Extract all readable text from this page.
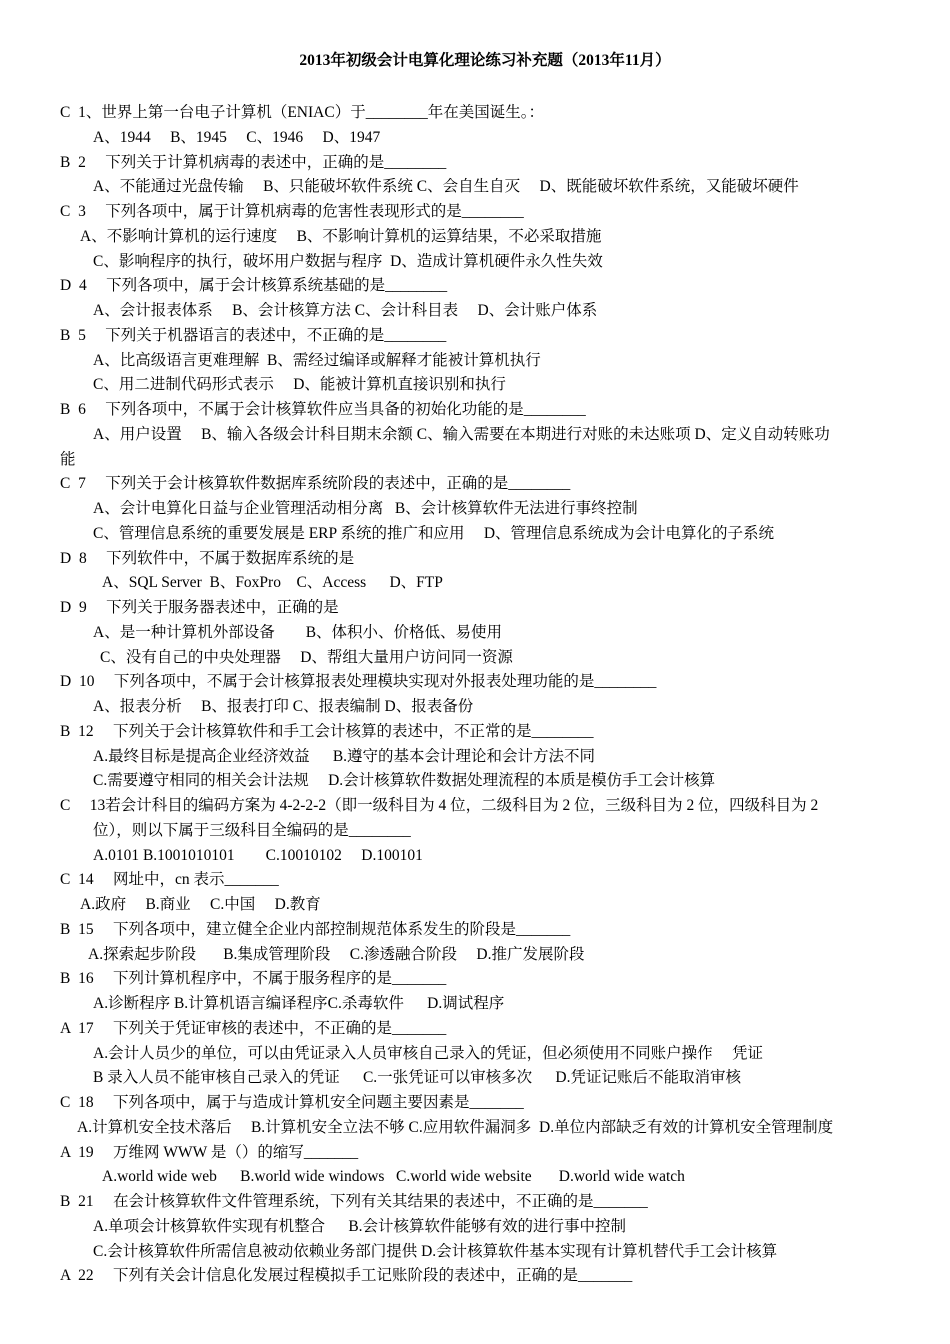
2013年初级会计电算化理论练习补充题（2013年11月）
C  1、世界上第一台电子计算机（ENIAC）于________年在美国诞生。：
A、1944     B、1945     C、1946     D、1947
B  2     下列关于计算机病毒的表述中，正确的是________
A、不能通过光盘传输     B、只能破坏软件系统 C、会自生自灭     D、既能破坏软件系统，又能破坏硬件
C  3     下列各项中，属于计算机病毒的危害性表现形式的是________
A、不影响计算机的运行速度     B、不影响计算机的运算结果，不必采取措施
C、影响程序的执行，破坏用户数据与程序  D、造成计算机硬件永久性失效
D  4     下列各项中，属于会计核算系统基础的是________
A、会计报表体系     B、会计核算方法 C、会计科目表     D、会计账户体系
B  5     下列关于机器语言的表述中，不正确的是________
A、比高级语言更难理解  B、需经过编译或解释才能被计算机执行
C、用二进制代码形式表示     D、能被计算机直接识别和执行
B  6     下列各项中，不属于会计核算软件应当具备的初始化功能的是________
A、用户设置     B、输入各级会计科目期末余额 C、输入需要在本期进行对账的未达账项 D、定义自动转账功
能
C  7     下列关于会计核算软件数据库系统阶段的表述中，正确的是________
A、会计电算化日益与企业管理活动相分离   B、会计核算软件无法进行事终控制
C、管理信息系统的重要发展是 ERP 系统的推广和应用     D、管理信息系统成为会计电算化的子系统
D  8     下列软件中，不属于数据库系统的是
A、SQL Server  B、FoxPro    C、Access      D、FTP
D  9     下列关于服务器表述中，正确的是
A、是一种计算机外部设备        B、体积小、价格低、易使用
C、没有自己的中央处理器     D、帮组大量用户访问同一资源
D  10     下列各项中，不属于会计核算报表处理模块实现对外报表处理功能的是________
A、报表分析     B、报表打印 C、报表编制 D、报表备份
B  12     下列关于会计核算软件和手工会计核算的表述中，不正常的是________
A.最终目标是提高企业经济效益      B.遵守的基本会计理论和会计方法不同
C.需要遵守相同的相关会计法规     D.会计核算软件数据处理流程的本质是模仿手工会计核算
C     13若会计科目的编码方案为 4-2-2-2（即一级科目为 4 位，二级科目为 2 位，三级科目为 2 位，四级科目为 2
位），则以下属于三级科目全编码的是________
A.0101 B.1001010101        C.10010102     D.100101
C  14     网址中，cn 表示_______
A.政府     B.商业     C.中国     D.教育
B  15     下列各项中，建立健全企业内部控制规范体系发生的阶段是_______
A.探索起步阶段       B.集成管理阶段     C.渗透融合阶段     D.推广发展阶段
B  16     下列计算机程序中，不属于服务程序的是_______
A.诊断程序 B.计算机语言编译程序C.杀毒软件      D.调试程序
A  17     下列关于凭证审核的表述中，不正确的是_______
A.会计人员少的单位，可以由凭证录入人员审核自己录入的凭证，但必须使用不同账户操作     凭证
B 录入人员不能审核自己录入的凭证      C.一张凭证可以审核多次      D.凭证记账后不能取消审核
C  18     下列各项中，属于与造成计算机安全问题主要因素是_______
A.计算机安全技术落后     B.计算机安全立法不够 C.应用软件漏洞多  D.单位内部缺乏有效的计算机安全管理制度
A  19     万维网 WWW 是（）的缩写_______
A.world wide web      B.world wide windows   C.world wide website       D.world wide watch
B  21     在会计核算软件文件管理系统，下列有关其结果的表述中，不正确的是_______
A.单项会计核算软件实现有机整合      B.会计核算软件能够有效的进行事中控制
C.会计核算软件所需信息被动依赖业务部门提供 D.会计核算软件基本实现有计算机替代手工会计核算
A  22     下列有关会计信息化发展过程模拟手工记账阶段的表述中，正确的是_______
